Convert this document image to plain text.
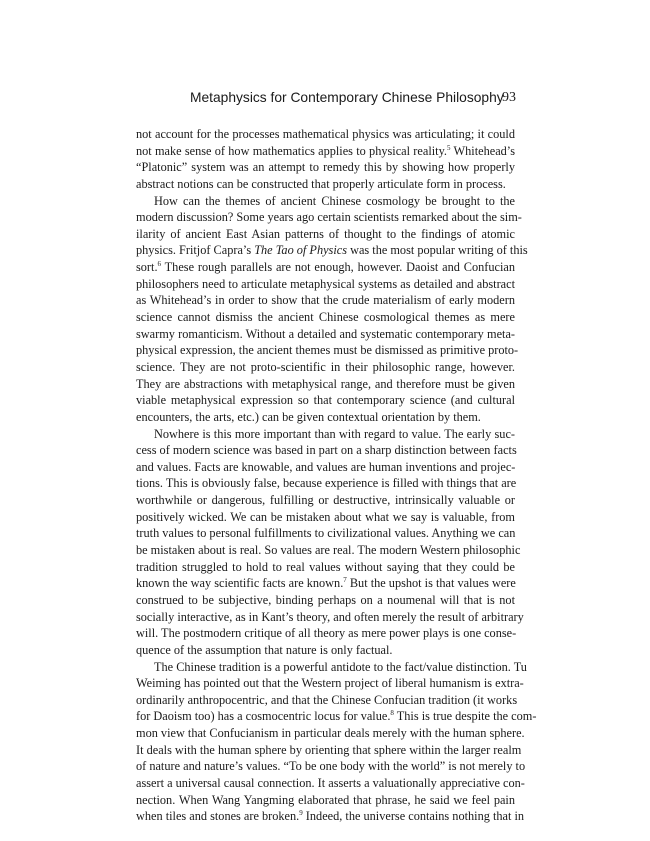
Metaphysics for Contemporary Chinese Philosophy
93
not account for the processes mathematical physics was articulating; it could
not make sense of how mathematics applies to physical reality.$^5$ Whitehead’s
“Platonic” system was an attempt to remedy this by showing how properly
abstract notions can be constructed that properly articulate form in process.
How can the themes of ancient Chinese cosmology be brought to the
modern discussion? Some years ago certain scientists remarked about the sim-
ilarity of ancient East Asian patterns of thought to the findings of atomic
physics. Fritjof Capra’s The Tao of Physics was the most popular writing of this
sort.$^6$ These rough parallels are not enough, however. Daoist and Confucian
philosophers need to articulate metaphysical systems as detailed and abstract
as Whitehead’s in order to show that the crude materialism of early modern
science cannot dismiss the ancient Chinese cosmological themes as mere
swarmy romanticism. Without a detailed and systematic contemporary meta-
physical expression, the ancient themes must be dismissed as primitive proto-
science. They are not proto-scientific in their philosophic range, however.
They are abstractions with metaphysical range, and therefore must be given
viable metaphysical expression so that contemporary science (and cultural
encounters, the arts, etc.) can be given contextual orientation by them.
Nowhere is this more important than with regard to value. The early suc-
cess of modern science was based in part on a sharp distinction between facts
and values. Facts are knowable, and values are human inventions and projec-
tions. This is obviously false, because experience is filled with things that are
worthwhile or dangerous, fulfilling or destructive, intrinsically valuable or
positively wicked. We can be mistaken about what we say is valuable, from
truth values to personal fulfillments to civilizational values. Anything we can
be mistaken about is real. So values are real. The modern Western philosophic
tradition struggled to hold to real values without saying that they could be
known the way scientific facts are known.$^7$ But the upshot is that values were
construed to be subjective, binding perhaps on a noumenal will that is not
socially interactive, as in Kant’s theory, and often merely the result of arbitrary
will. The postmodern critique of all theory as mere power plays is one conse-
quence of the assumption that nature is only factual.
The Chinese tradition is a powerful antidote to the fact/value distinction. Tu
Weiming has pointed out that the Western project of liberal humanism is extra-
ordinarily anthropocentric, and that the Chinese Confucian tradition (it works
for Daoism too) has a cosmocentric locus for value.$^8$ This is true despite the com-
mon view that Confucianism in particular deals merely with the human sphere.
It deals with the human sphere by orienting that sphere within the larger realm
of nature and nature’s values. “To be one body with the world” is not merely to
assert a universal causal connection. It asserts a valuationally appreciative con-
nection. When Wang Yangming elaborated that phrase, he said we feel pain
when tiles and stones are broken.$^9$ Indeed, the universe contains nothing that in
